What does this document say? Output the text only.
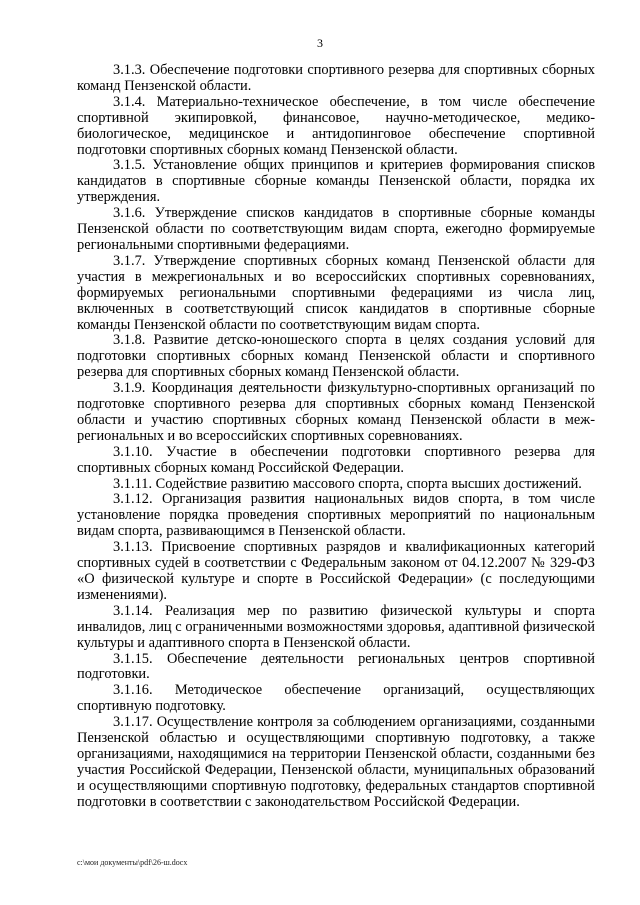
3

3.1.3. Обеспечение подготовки спортивного резерва для спортивных сборных команд Пензенской области.

3.1.4. Материально-техническое обеспечение, в том числе обеспечение спортивной экипировкой, финансовое, научно-методическое, медико-биологическое, медицинское и антидопинговое обеспечение спортивной подготовки спортивных сборных команд Пензенской области.

3.1.5. Установление общих принципов и критериев формирования списков кандидатов в спортивные сборные команды Пензенской области, порядка их утверждения.

3.1.6. Утверждение списков кандидатов в спортивные сборные команды Пензенской области по соответствующим видам спорта, ежегодно формируемые региональными спортивными федерациями.

3.1.7. Утверждение спортивных сборных команд Пензенской области для участия в межрегиональных и во всероссийских спортивных соревнованиях, формируемых региональными спортивными федерациями из числа лиц, включенных в соответствующий список кандидатов в спортивные сборные команды Пензенской области по соответствующим видам спорта.

3.1.8. Развитие детско-юношеского спорта в целях создания условий для подготовки спортивных сборных команд Пензенской области и спортивного резерва для спортивных сборных команд Пензенской области.

3.1.9. Координация деятельности физкультурно-спортивных организаций по подготовке спортивного резерва для спортивных сборных команд Пензенской области и участию спортивных сборных команд Пензенской области в меж-региональных и во всероссийских спортивных соревнованиях.

3.1.10. Участие в обеспечении подготовки спортивного резерва для спортивных сборных команд Российской Федерации.

3.1.11. Содействие развитию массового спорта, спорта высших достижений.

3.1.12. Организация развития национальных видов спорта, в том числе установление порядка проведения спортивных мероприятий по национальным видам спорта, развивающимся в Пензенской области.

3.1.13. Присвоение спортивных разрядов и квалификационных категорий спортивных судей в соответствии с Федеральным законом от 04.12.2007 № 329-ФЗ «О физической культуре и спорте в Российской Федерации» (с последующими изменениями).

3.1.14. Реализация мер по развитию физической культуры и спорта инвалидов, лиц с ограниченными возможностями здоровья, адаптивной физической культуры и адаптивного спорта в Пензенской области.

3.1.15. Обеспечение деятельности региональных центров спортивной подготовки.

3.1.16. Методическое обеспечение организаций, осуществляющих спортивную подготовку.

3.1.17. Осуществление контроля за соблюдением организациями, созданными Пензенской областью и осуществляющими спортивную подготовку, а также организациями, находящимися на территории Пензенской области, созданными без участия Российской Федерации, Пензенской области, муниципальных образований и осуществляющими спортивную подготовку, федеральных стандартов спортивной подготовки в соответствии с законодательством Российской Федерации.

c:\мои документы\pdf\26-ш.docx
